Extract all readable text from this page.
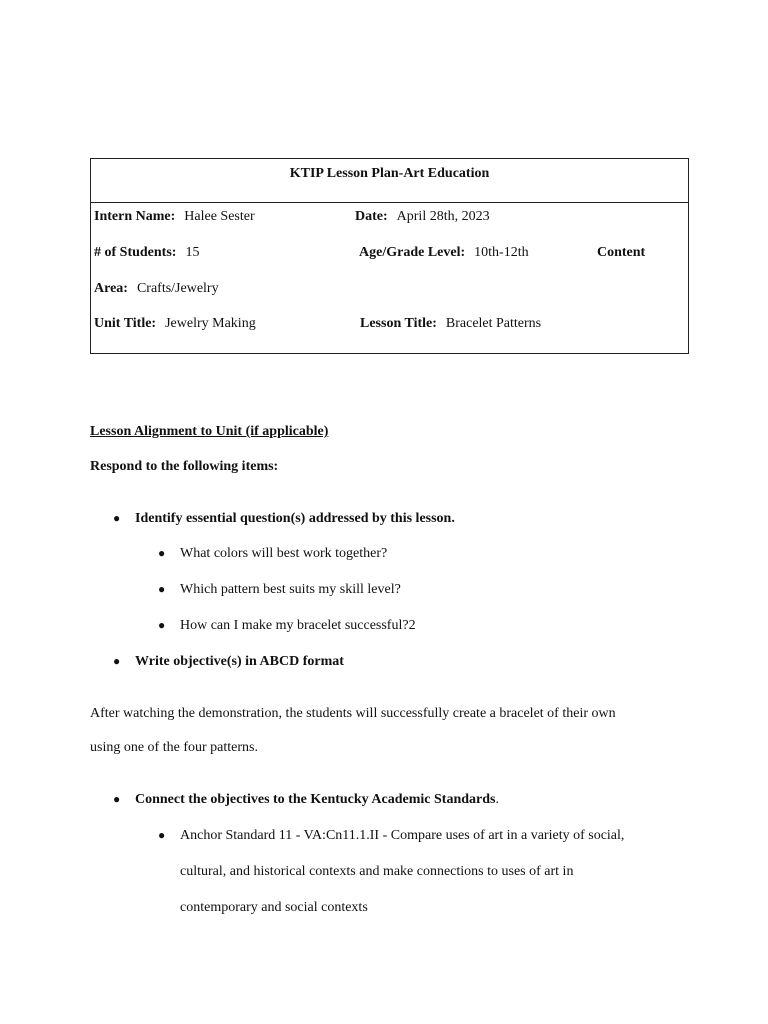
KTIP Lesson Plan-Art Education
Intern Name: Halee Sester	Date: April 28th, 2023
# of Students: 15	Age/Grade Level: 10th-12th	Content
Area: Crafts/Jewelry
Unit Title: Jewelry Making	Lesson Title: Bracelet Patterns
Lesson Alignment to Unit (if applicable)
Respond to the following items:
● Identify essential question(s) addressed by this lesson.
● What colors will best work together?
● Which pattern best suits my skill level?
● How can I make my bracelet successful?2
● Write objective(s) in ABCD format
After watching the demonstration, the students will successfully create a bracelet of their own
using one of the four patterns.
● Connect the objectives to the Kentucky Academic Standards.
● Anchor Standard 11 - VA:Cn11.1.II - Compare uses of art in a variety of social,
cultural, and historical contexts and make connections to uses of art in
contemporary and social contexts
